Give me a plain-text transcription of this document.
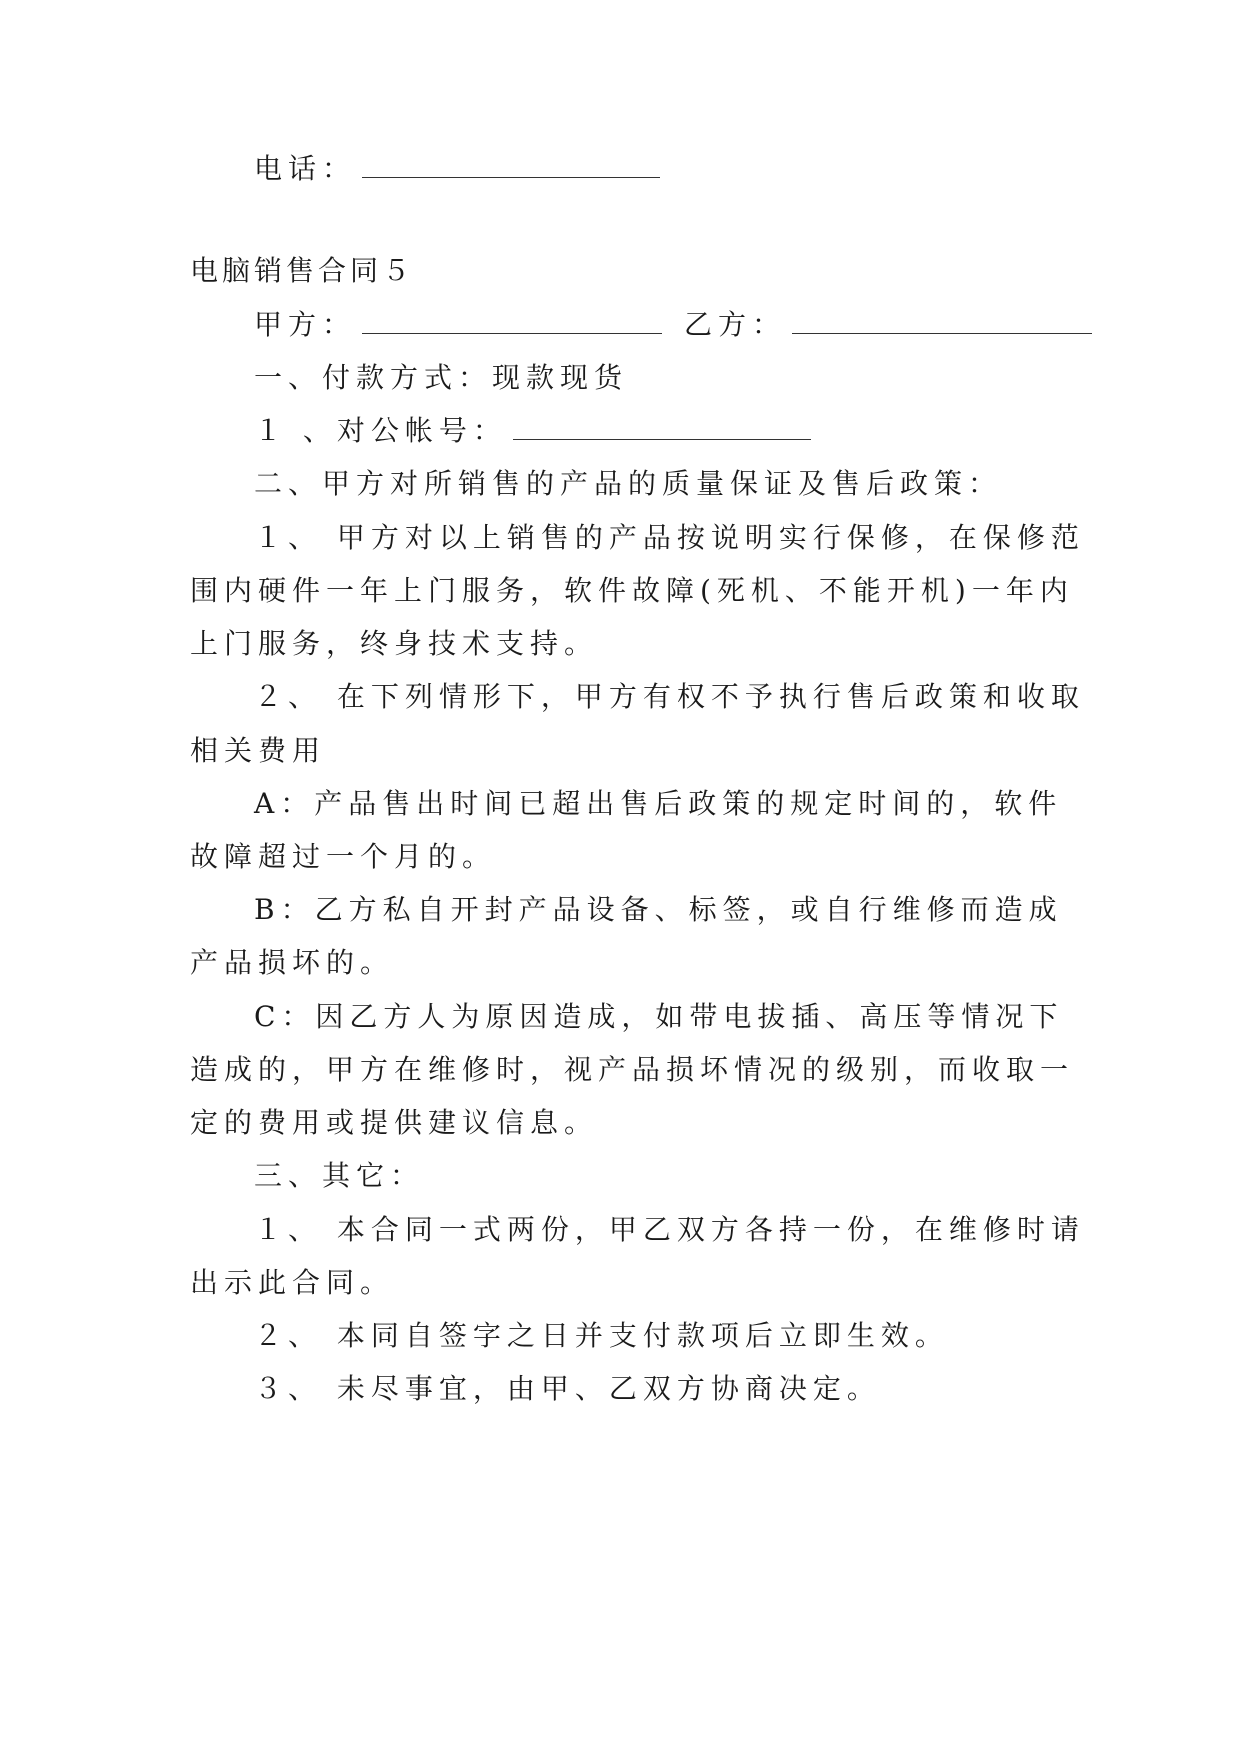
电话：
电脑销售合同５
甲方：	乙方：
一、付款方式：现款现货
１ 、对公帐号：
二、甲方对所销售的产品的质量保证及售后政策：
１、 甲方对以上销售的产品按说明实行保修，在保修范
围内硬件一年上门服务，软件故障(死机、不能开机)一年内
上门服务，终身技术支持。
２、 在下列情形下，甲方有权不予执行售后政策和收取
相关费用
A：产品售出时间已超出售后政策的规定时间的，软件
故障超过一个月的。
B：乙方私自开封产品设备、标签，或自行维修而造成
产品损坏的。
C：因乙方人为原因造成，如带电拔插、高压等情况下
造成的，甲方在维修时，视产品损坏情况的级别，而收取一
定的费用或提供建议信息。
三、其它：
１、 本合同一式两份，甲乙双方各持一份，在维修时请
出示此合同。
２、 本同自签字之日并支付款项后立即生效。
３、 未尽事宜，由甲、乙双方协商决定。
